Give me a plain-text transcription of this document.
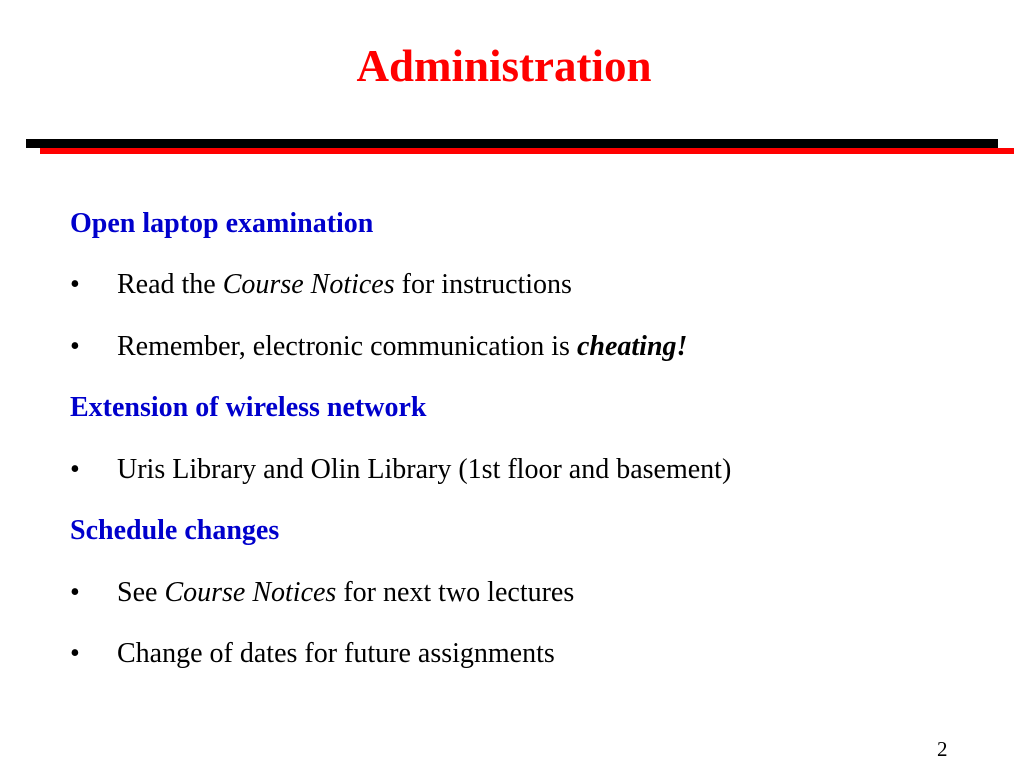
Administration
Open laptop examination
• Read the Course Notices for instructions
• Remember, electronic communication is cheating!
Extension of wireless network
• Uris Library and Olin Library (1st floor and basement)
Schedule changes
• See Course Notices for next two lectures
• Change of dates for future assignments
2
